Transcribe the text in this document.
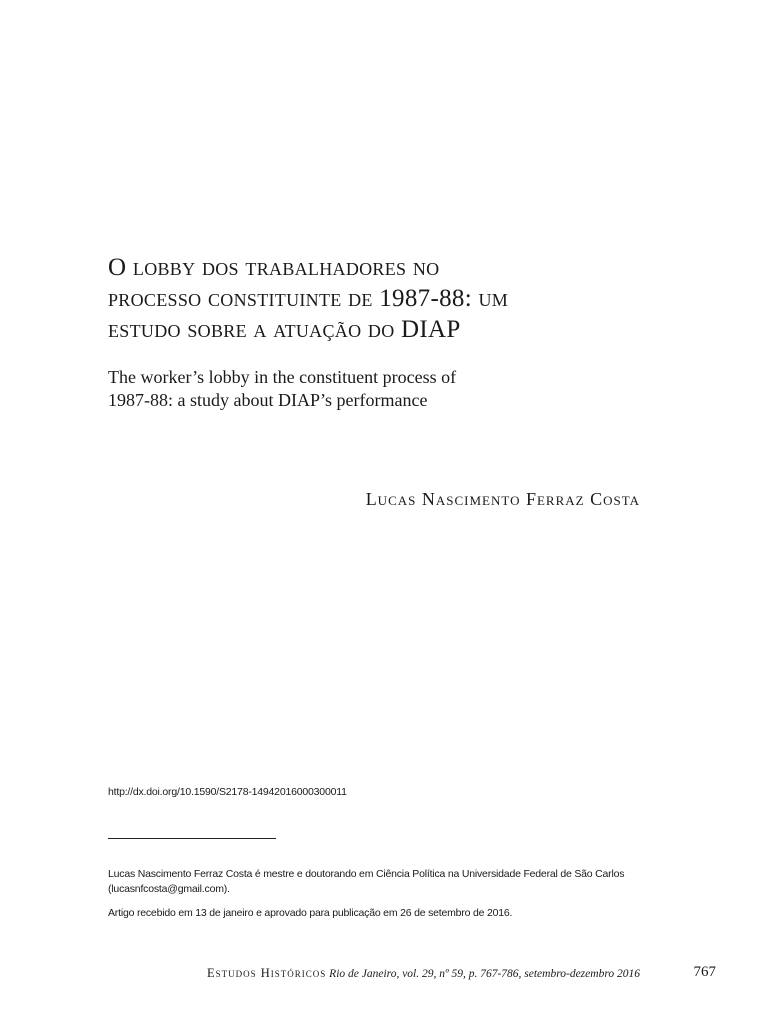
O lobby dos trabalhadores no
processo constituinte de 1987-88: um
estudo sobre a atuação do DIAP
The worker’s lobby in the constituent process of
1987-88: a study about DIAP’s performance

Lucas Nascimento Ferraz Costa

http://dx.doi.org/10.1590/S2178-14942016000300011

Lucas Nascimento Ferraz Costa é mestre e doutorando em Ciência Política na Universidade Federal de São Carlos (lucasnfcosta@gmail.com).

Artigo recebido em 13 de janeiro e aprovado para publicação em 26 de setembro de 2016.

Estudos Históricos Rio de Janeiro, vol. 29, nº 59, p. 767-786, setembro-dezembro 2016	767
